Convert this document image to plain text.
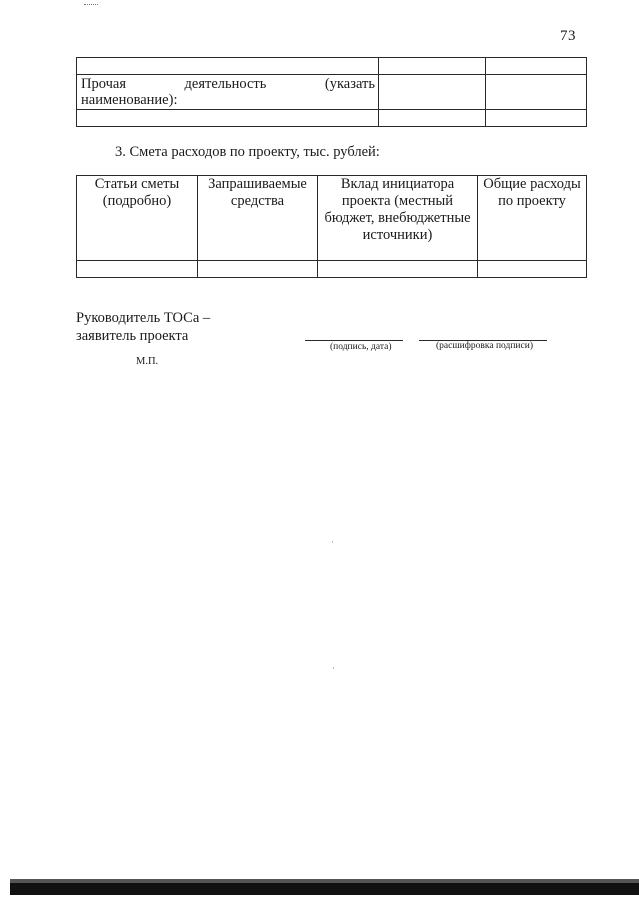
73

Прочая деятельность (указать
наименование):		

3. Смета расходов по проекту, тыс. рублей:
Статьи сметы (подробно)	Запрашиваемые средства	Вклад инициатора проекта (местный бюджет, внебюджетные источники)	Общие расходы по проекту

Руководитель ТОСа –
заявитель проекта
(подпись, дата)	(расшифровка подписи)
М.П.
